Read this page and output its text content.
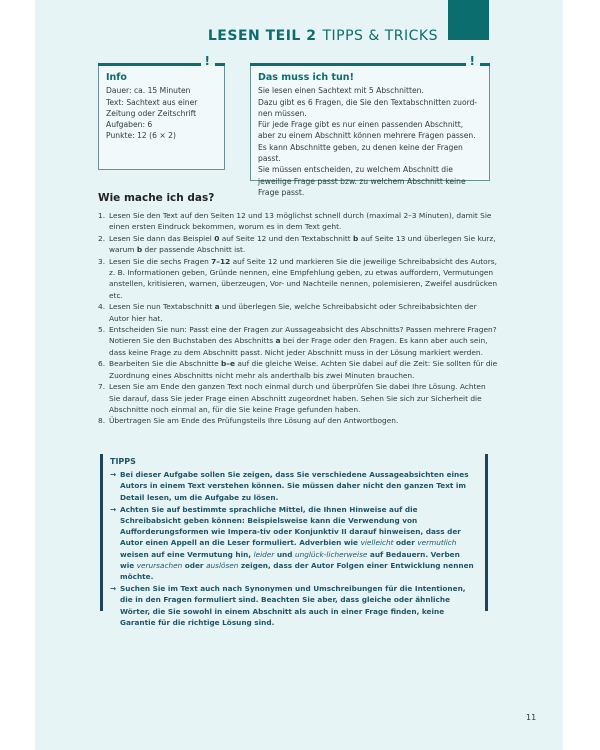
LESEN TEIL 2 TIPPS & TRICKS
!
Info

Dauer: ca. 15 Minuten

Text: Sachtext aus einer

Zeitung oder Zeitschrift

Aufgaben: 6

Punkte: 12 (6 × 2)

!
Das muss ich tun!

Sie lesen einen Sachtext mit 5 Abschnitten.

Dazu gibt es 6 Fragen, die Sie den Textabschnitten zuord-nen müssen.

Für jede Frage gibt es nur einen passenden Abschnitt, aber zu einem Abschnitt können mehrere Fragen passen.

Es kann Abschnitte geben, zu denen keine der Fragen passt.

Sie müssen entscheiden, zu welchem Abschnitt die jeweilige Frage passt bzw. zu welchem Abschnitt keine Frage passt.

Wie mache ich das?
1. Lesen Sie den Text auf den Seiten 12 und 13 möglichst schnell durch (maximal 2–3 Minuten), damit Sie einen ersten Eindruck bekommen, worum es in dem Text geht.
2. Lesen Sie dann das Beispiel 0 auf Seite 12 und den Textabschnitt b auf Seite 13 und überlegen Sie kurz, warum b der passende Abschnitt ist.
3. Lesen Sie die sechs Fragen 7–12 auf Seite 12 und markieren Sie die jeweilige Schreibabsicht des Autors, z. B. Informationen geben, Gründe nennen, eine Empfehlung geben, zu etwas auffordern, Vermutungen anstellen, kritisieren, warnen, überzeugen, Vor- und Nachteile nennen, polemisieren, Zweifel ausdrücken etc.
4. Lesen Sie nun Textabschnitt a und überlegen Sie, welche Schreibabsicht oder Schreibabsichten der Autor hier hat.
5. Entscheiden Sie nun: Passt eine der Fragen zur Aussageabsicht des Abschnitts? Passen mehrere Fragen? Notieren Sie den Buchstaben des Abschnitts a bei der Frage oder den Fragen. Es kann aber auch sein, dass keine Frage zu dem Abschnitt passt. Nicht jeder Abschnitt muss in der Lösung markiert werden.
6. Bearbeiten Sie die Abschnitte b–e auf die gleiche Weise. Achten Sie dabei auf die Zeit: Sie sollten für die Zuordnung eines Abschnitts nicht mehr als anderthalb bis zwei Minuten brauchen.
7. Lesen Sie am Ende den ganzen Text noch einmal durch und überprüfen Sie dabei Ihre Lösung. Achten Sie darauf, dass Sie jeder Frage einen Abschnitt zugeordnet haben. Sehen Sie sich zur Sicherheit die Abschnitte noch einmal an, für die Sie keine Frage gefunden haben.
8. Übertragen Sie am Ende des Prüfungsteils Ihre Lösung auf den Antwortbogen.
TIPPS
→ Bei dieser Aufgabe sollen Sie zeigen, dass Sie verschiedene Aussageabsichten eines Autors in einem Text verstehen können. Sie müssen daher nicht den ganzen Text im Detail lesen, um die Aufgabe zu lösen.
→ Achten Sie auf bestimmte sprachliche Mittel, die Ihnen Hinweise auf die Schreibabsicht geben können: Beispielsweise kann die Verwendung von Aufforderungsformen wie Impera-tiv oder Konjunktiv II darauf hinweisen, dass der Autor einen Appell an die Leser formuliert. Adverbien wie vielleicht oder vermutlich weisen auf eine Vermutung hin, leider und unglück-licherweise auf Bedauern. Verben wie verursachen oder auslösen zeigen, dass der Autor Folgen einer Entwicklung nennen möchte.
→ Suchen Sie im Text auch nach Synonymen und Umschreibungen für die Intentionen, die in den Fragen formuliert sind. Beachten Sie aber, dass gleiche oder ähnliche Wörter, die Sie sowohl in einem Abschnitt als auch in einer Frage finden, keine Garantie für die richtige Lösung sind.
11
